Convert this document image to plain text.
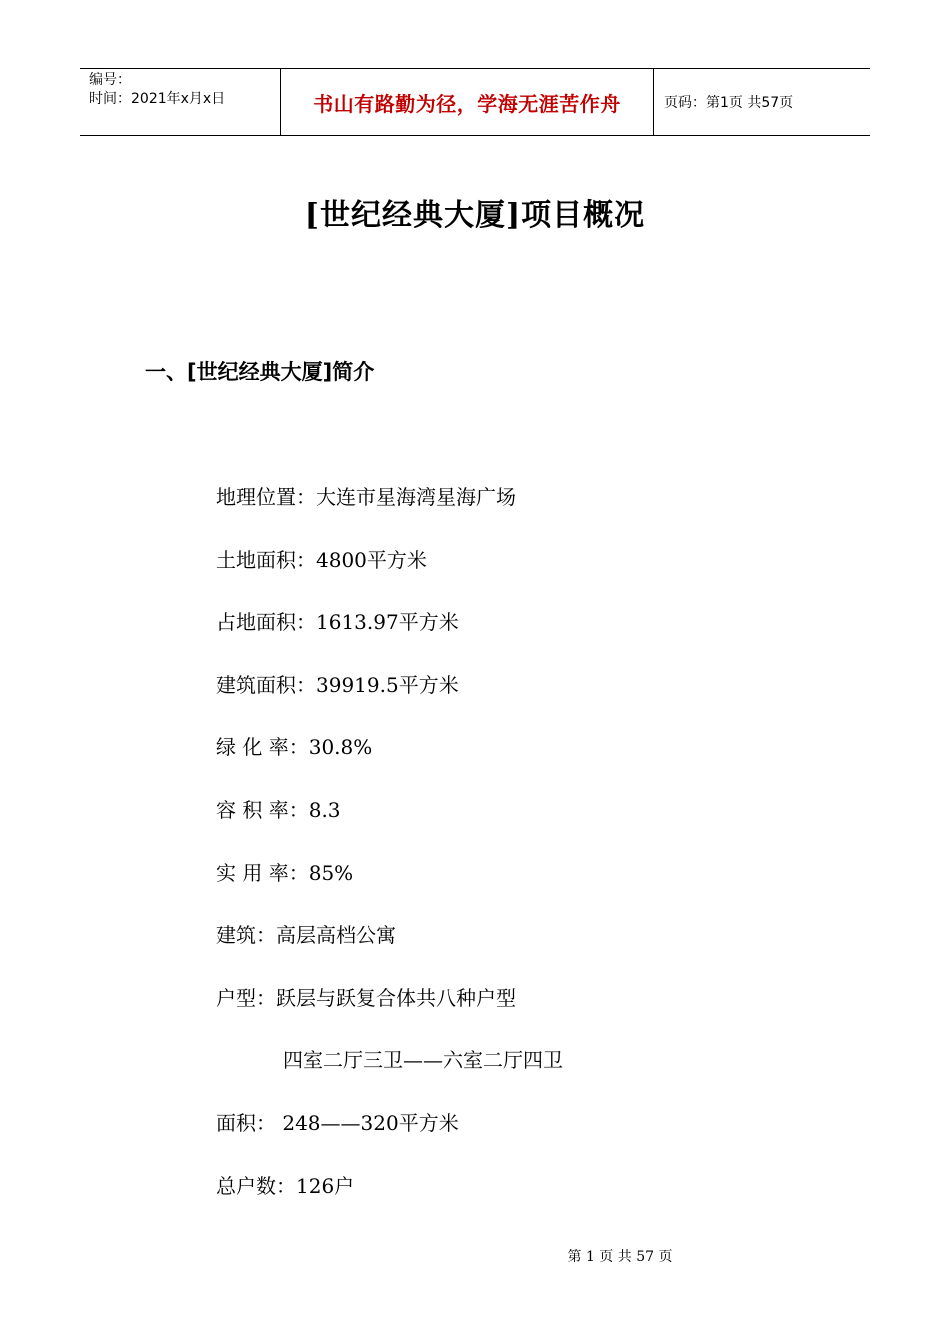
编号：
时间：2021年x月x日	书山有路勤为径，学海无涯苦作舟	页码：第1页 共57页
[世纪经典大厦]项目概况
一、[世纪经典大厦]简介
地理位置：大连市星海湾星海广场
土地面积：4800平方米
占地面积：1613.97平方米
建筑面积：39919.5平方米
绿 化 率：30.8%
容 积 率：8.3
实 用 率：85%
建筑：高层高档公寓
户型：跃层与跃复合体共八种户型
四室二厅三卫——六室二厅四卫
面积： 248——320平方米
总户数：126户
第 1 页 共 57 页
